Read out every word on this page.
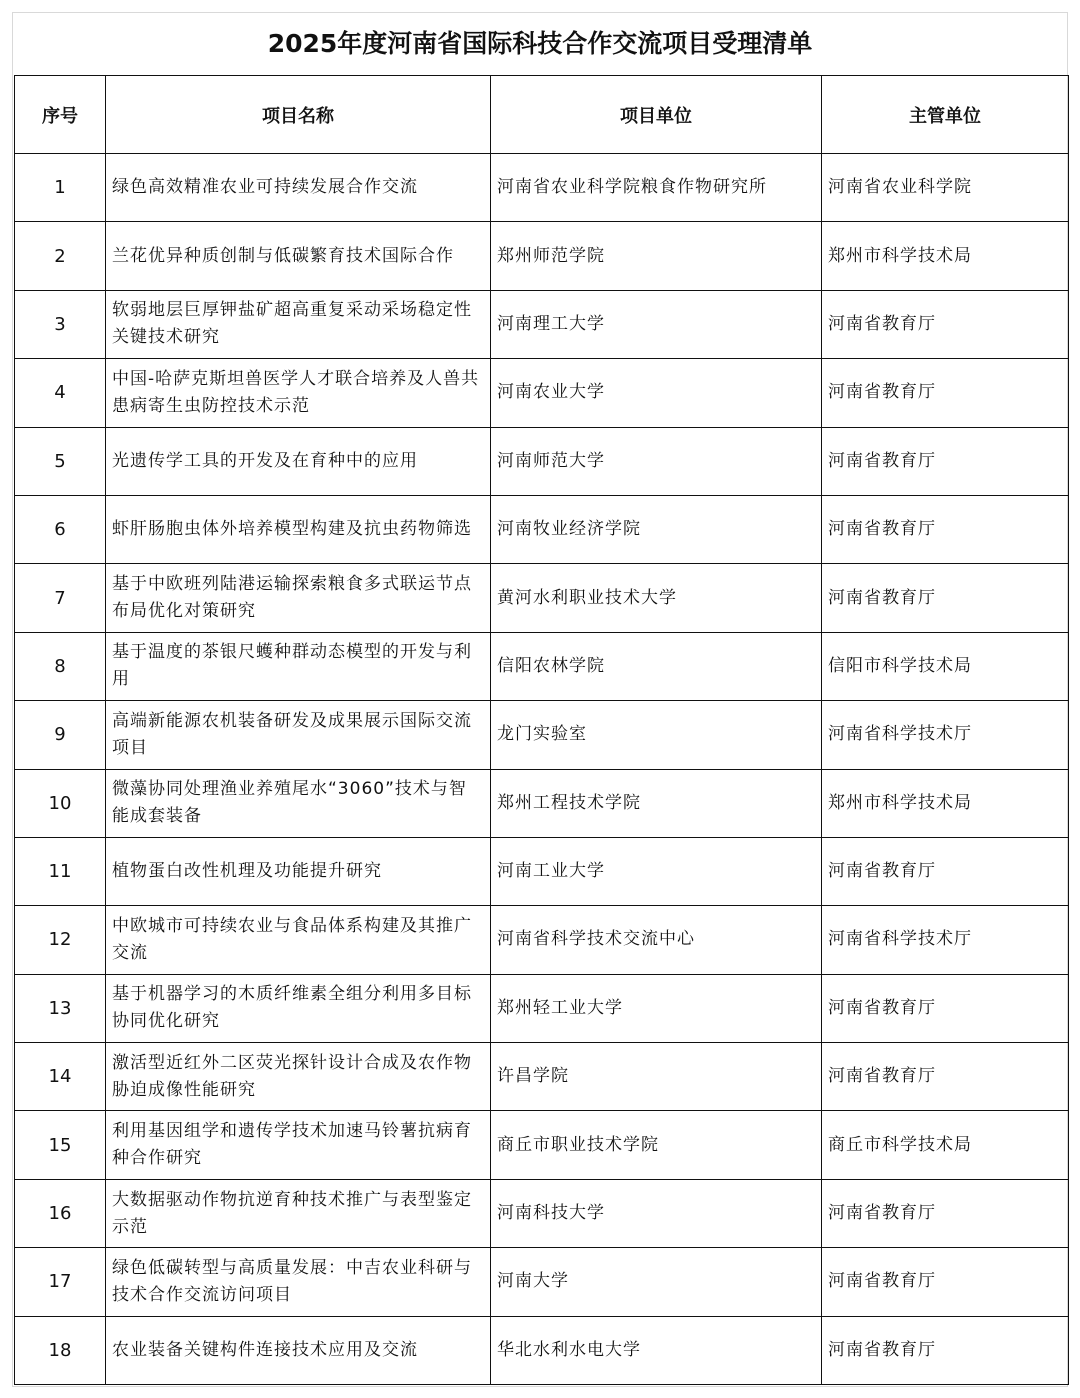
2025年度河南省国际科技合作交流项目受理清单
序号	项目名称	项目单位	主管单位
1	绿色高效精准农业可持续发展合作交流	河南省农业科学院粮食作物研究所	河南省农业科学院
2	兰花优异种质创制与低碳繁育技术国际合作	郑州师范学院	郑州市科学技术局
3	软弱地层巨厚钾盐矿超高重复采动采场稳定性关键技术研究	河南理工大学	河南省教育厅
4	中国-哈萨克斯坦兽医学人才联合培养及人兽共患病寄生虫防控技术示范	河南农业大学	河南省教育厅
5	光遗传学工具的开发及在育种中的应用	河南师范大学	河南省教育厅
6	虾肝肠胞虫体外培养模型构建及抗虫药物筛选	河南牧业经济学院	河南省教育厅
7	基于中欧班列陆港运输探索粮食多式联运节点布局优化对策研究	黄河水利职业技术大学	河南省教育厅
8	基于温度的茶银尺蠖种群动态模型的开发与利用	信阳农林学院	信阳市科学技术局
9	高端新能源农机装备研发及成果展示国际交流项目	龙门实验室	河南省科学技术厅
10	微藻协同处理渔业养殖尾水“3060”技术与智能成套装备	郑州工程技术学院	郑州市科学技术局
11	植物蛋白改性机理及功能提升研究	河南工业大学	河南省教育厅
12	中欧城市可持续农业与食品体系构建及其推广交流	河南省科学技术交流中心	河南省科学技术厅
13	基于机器学习的木质纤维素全组分利用多目标协同优化研究	郑州轻工业大学	河南省教育厅
14	激活型近红外二区荧光探针设计合成及农作物胁迫成像性能研究	许昌学院	河南省教育厅
15	利用基因组学和遗传学技术加速马铃薯抗病育种合作研究	商丘市职业技术学院	商丘市科学技术局
16	大数据驱动作物抗逆育种技术推广与表型鉴定示范	河南科技大学	河南省教育厅
17	绿色低碳转型与高质量发展：中吉农业科研与技术合作交流访问项目	河南大学	河南省教育厅
18	农业装备关键构件连接技术应用及交流	华北水利水电大学	河南省教育厅
